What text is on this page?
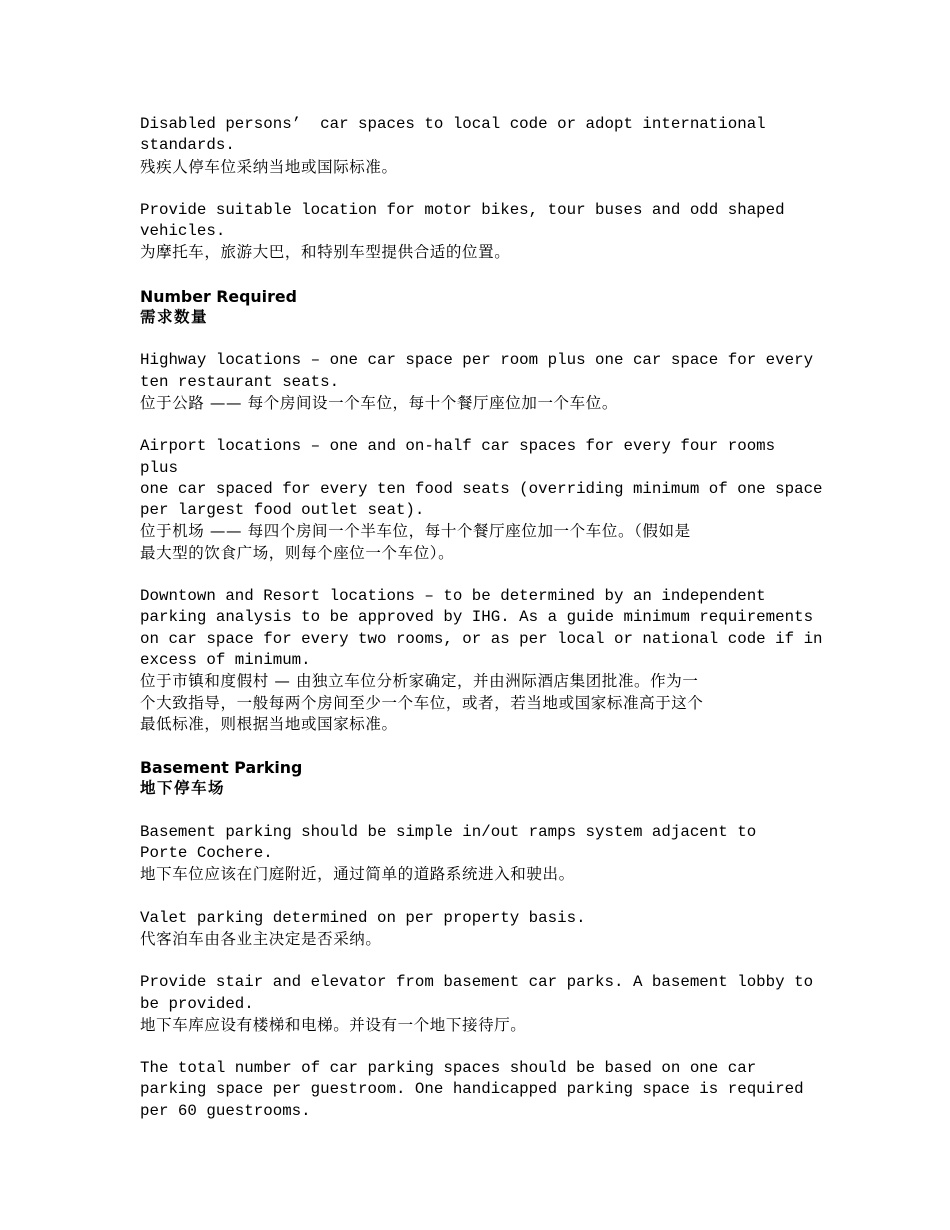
Disabled persons’  car spaces to local code or adopt international
standards.
残疾人停车位采纳当地或国际标准。
Provide suitable location for motor bikes, tour buses and odd shaped
vehicles.
为摩托车，旅游大巴，和特别车型提供合适的位置。
Number Required
需求数量
Highway locations – one car space per room plus one car space for every
ten restaurant seats.
位于公路 —— 每个房间设一个车位，每十个餐厅座位加一个车位。
Airport locations – one and on-half car spaces for every four rooms
plus
one car spaced for every ten food seats (overriding minimum of one space
per largest food outlet seat).
位于机场 —— 每四个房间一个半车位，每十个餐厅座位加一个车位。（假如是
最大型的饮食广场，则每个座位一个车位）。
Downtown and Resort locations – to be determined by an independent
parking analysis to be approved by IHG. As a guide minimum requirements
on car space for every two rooms, or as per local or national code if in
excess of minimum.
位于市镇和度假村 — 由独立车位分析家确定，并由洲际酒店集团批准。作为一
个大致指导，一般每两个房间至少一个车位，或者，若当地或国家标准高于这个
最低标准，则根据当地或国家标准。
Basement Parking
地下停车场
Basement parking should be simple in/out ramps system adjacent to
Porte Cochere.
地下车位应该在门庭附近，通过简单的道路系统进入和驶出。
Valet parking determined on per property basis.
代客泊车由各业主决定是否采纳。
Provide stair and elevator from basement car parks. A basement lobby to
be provided.
地下车库应设有楼梯和电梯。并设有一个地下接待厅。
The total number of car parking spaces should be based on one car
parking space per guestroom. One handicapped parking space is required
per 60 guestrooms.
